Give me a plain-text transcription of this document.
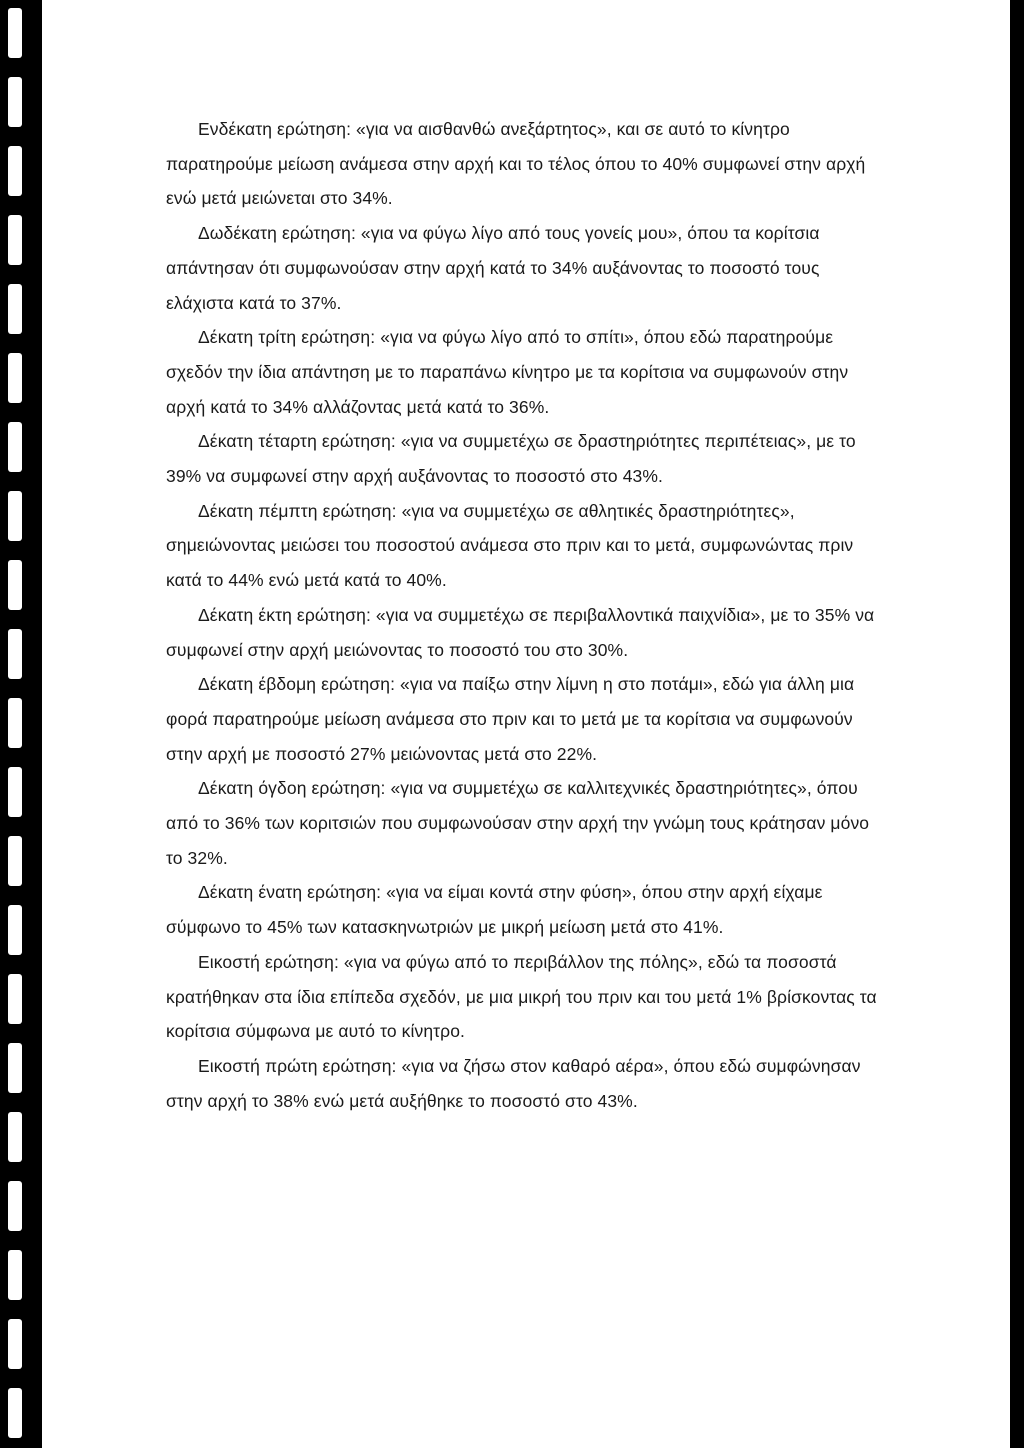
Ενδέκατη ερώτηση: «για να αισθανθώ ανεξάρτητος», και σε αυτό το κίνητρο παρατηρούμε μείωση ανάμεσα στην αρχή και το τέλος όπου το 40% συμφωνεί στην αρχή ενώ μετά μειώνεται στο 34%.

Δωδέκατη ερώτηση: «για να φύγω λίγο από τους γονείς μου», όπου τα κορίτσια απάντησαν ότι συμφωνούσαν στην αρχή κατά το 34% αυξάνοντας το ποσοστό τους ελάχιστα κατά το 37%.

Δέκατη τρίτη ερώτηση: «για να φύγω λίγο από το σπίτι», όπου εδώ παρατηρούμε σχεδόν την ίδια απάντηση με το παραπάνω κίνητρο με τα κορίτσια να συμφωνούν στην αρχή κατά το 34% αλλάζοντας μετά κατά το 36%.

Δέκατη τέταρτη ερώτηση: «για να συμμετέχω σε δραστηριότητες περιπέτειας», με το 39% να συμφωνεί στην αρχή αυξάνοντας το ποσοστό στο 43%.

Δέκατη πέμπτη ερώτηση: «για να συμμετέχω σε αθλητικές δραστηριότητες», σημειώνοντας μειώσει του ποσοστού ανάμεσα στο πριν και το μετά, συμφωνώντας πριν κατά το 44% ενώ μετά κατά το 40%.

Δέκατη έκτη ερώτηση: «για να συμμετέχω σε περιβαλλοντικά παιχνίδια», με το 35% να συμφωνεί στην αρχή μειώνοντας το ποσοστό του στο 30%.

Δέκατη έβδομη ερώτηση: «για να παίξω στην λίμνη η στο ποτάμι», εδώ για άλλη μια φορά παρατηρούμε μείωση ανάμεσα στο πριν και το μετά με τα κορίτσια να συμφωνούν στην αρχή με ποσοστό 27% μειώνοντας μετά στο 22%.

Δέκατη όγδοη ερώτηση: «για να συμμετέχω σε καλλιτεχνικές δραστηριότητες», όπου από το 36% των κοριτσιών που συμφωνούσαν στην αρχή την γνώμη τους κράτησαν μόνο το 32%.

Δέκατη ένατη ερώτηση: «για να είμαι κοντά στην φύση», όπου στην αρχή είχαμε σύμφωνο το 45% των κατασκηνωτριών με μικρή μείωση μετά στο 41%.

Εικοστή ερώτηση: «για να φύγω από το περιβάλλον της πόλης», εδώ τα ποσοστά κρατήθηκαν στα ίδια επίπεδα σχεδόν, με μια μικρή του πριν και του μετά 1% βρίσκοντας τα κορίτσια σύμφωνα με αυτό το κίνητρο.

Εικοστή πρώτη ερώτηση: «για να ζήσω στον καθαρό αέρα», όπου εδώ συμφώνησαν στην αρχή το 38% ενώ μετά αυξήθηκε το ποσοστό στο 43%.
